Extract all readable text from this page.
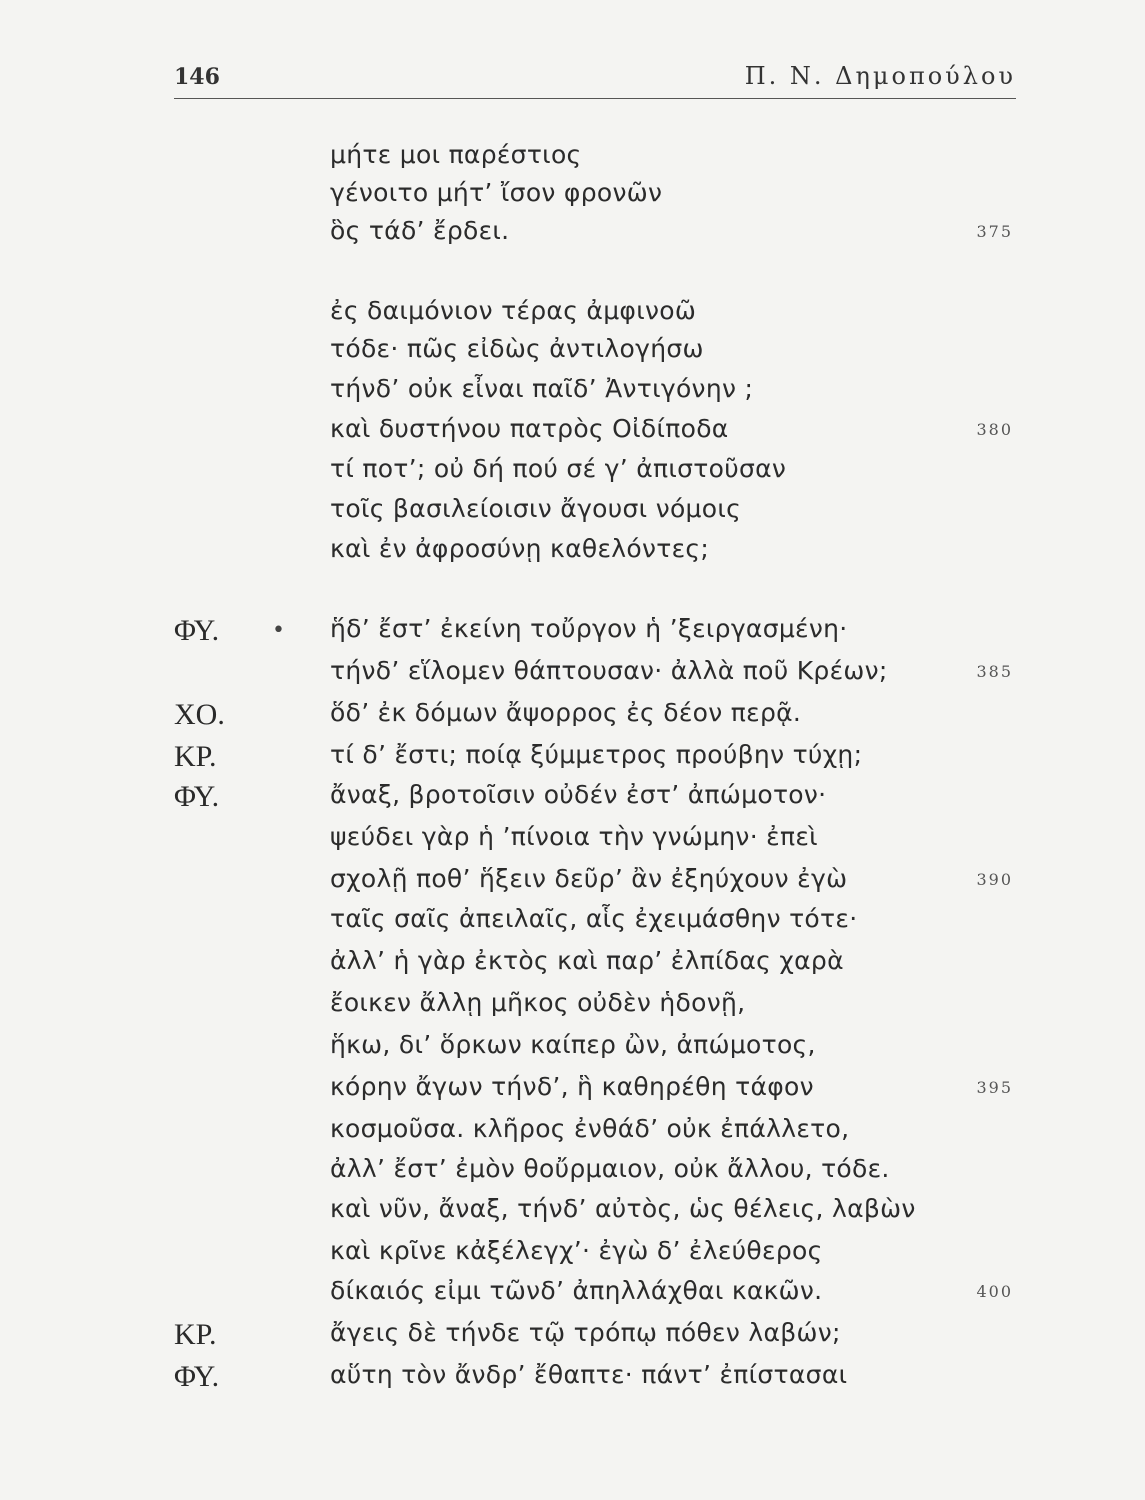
146	Π. Ν. Δημοπούλου
μήτε μοι παρέστιος
γένοιτο μήτ’ ἴσον φρονῶν
ὃς τάδ’ ἔρδει.	375
ἐς δαιμόνιον τέρας ἀμφινοῶ
τόδε· πῶς εἰδὼς ἀντιλογήσω
τήνδ’ οὐκ εἶναι παῖδ’ Ἀντιγόνην ;
καὶ δυστήνου πατρὸς Οἰδίποδα	380
τί ποτ’; οὐ δή πού σέ γ’ ἀπιστοῦσαν
τοῖς βασιλείοισιν ἄγουσι νόμοις
καὶ ἐν ἀφροσύνῃ καθελόντες;
ΦΥ. • ἥδ’ ἔστ’ ἐκείνη τοὔργον ἡ ’ξειργασμένη·
τήνδ’ εἵλομεν θάπτουσαν· ἀλλὰ ποῦ Κρέων;	385
ΧΟ.	ὅδ’ ἐκ δόμων ἄψορρος ἐς δέον περᾷ.
ΚΡ.	τί δ’ ἔστι; ποίᾳ ξύμμετρος προύβην τύχῃ;
ΦΥ.	ἄναξ, βροτοῖσιν οὐδέν ἐστ’ ἀπώμοτον·
ψεύδει γὰρ ἡ ’πίνοια τὴν γνώμην· ἐπεὶ
σχολῇ ποθ’ ἥξειν δεῦρ’ ἂν ἐξηύχουν ἐγὼ	390
ταῖς σαῖς ἀπειλαῖς, αἷς ἐχειμάσθην τότε·
ἀλλ’ ἡ γὰρ ἐκτὸς καὶ παρ’ ἐλπίδας χαρὰ
ἔοικεν ἄλλῃ μῆκος οὐδὲν ἡδονῇ,
ἥκω, δι’ ὅρκων καίπερ ὢν, ἀπώμοτος,
κόρην ἄγων τήνδ’, ἣ καθηρέθη τάφον	395
κοσμοῦσα. κλῆρος ἐνθάδ’ οὐκ ἐπάλλετο,
ἀλλ’ ἔστ’ ἐμὸν θοὔρμαιον, οὐκ ἄλλου, τόδε.
καὶ νῦν, ἄναξ, τήνδ’ αὐτὸς, ὡς θέλεις, λαβὼν
καὶ κρῖνε κἀξέλεγχ’· ἐγὼ δ’ ἐλεύθερος
δίκαιός εἰμι τῶνδ’ ἀπηλλάχθαι κακῶν.	400
ΚΡ.	ἄγεις δὲ τήνδε τῷ τρόπῳ πόθεν λαβών;
ΦΥ.	αὕτη τὸν ἄνδρ’ ἔθαπτε· πάντ’ ἐπίστασαι
